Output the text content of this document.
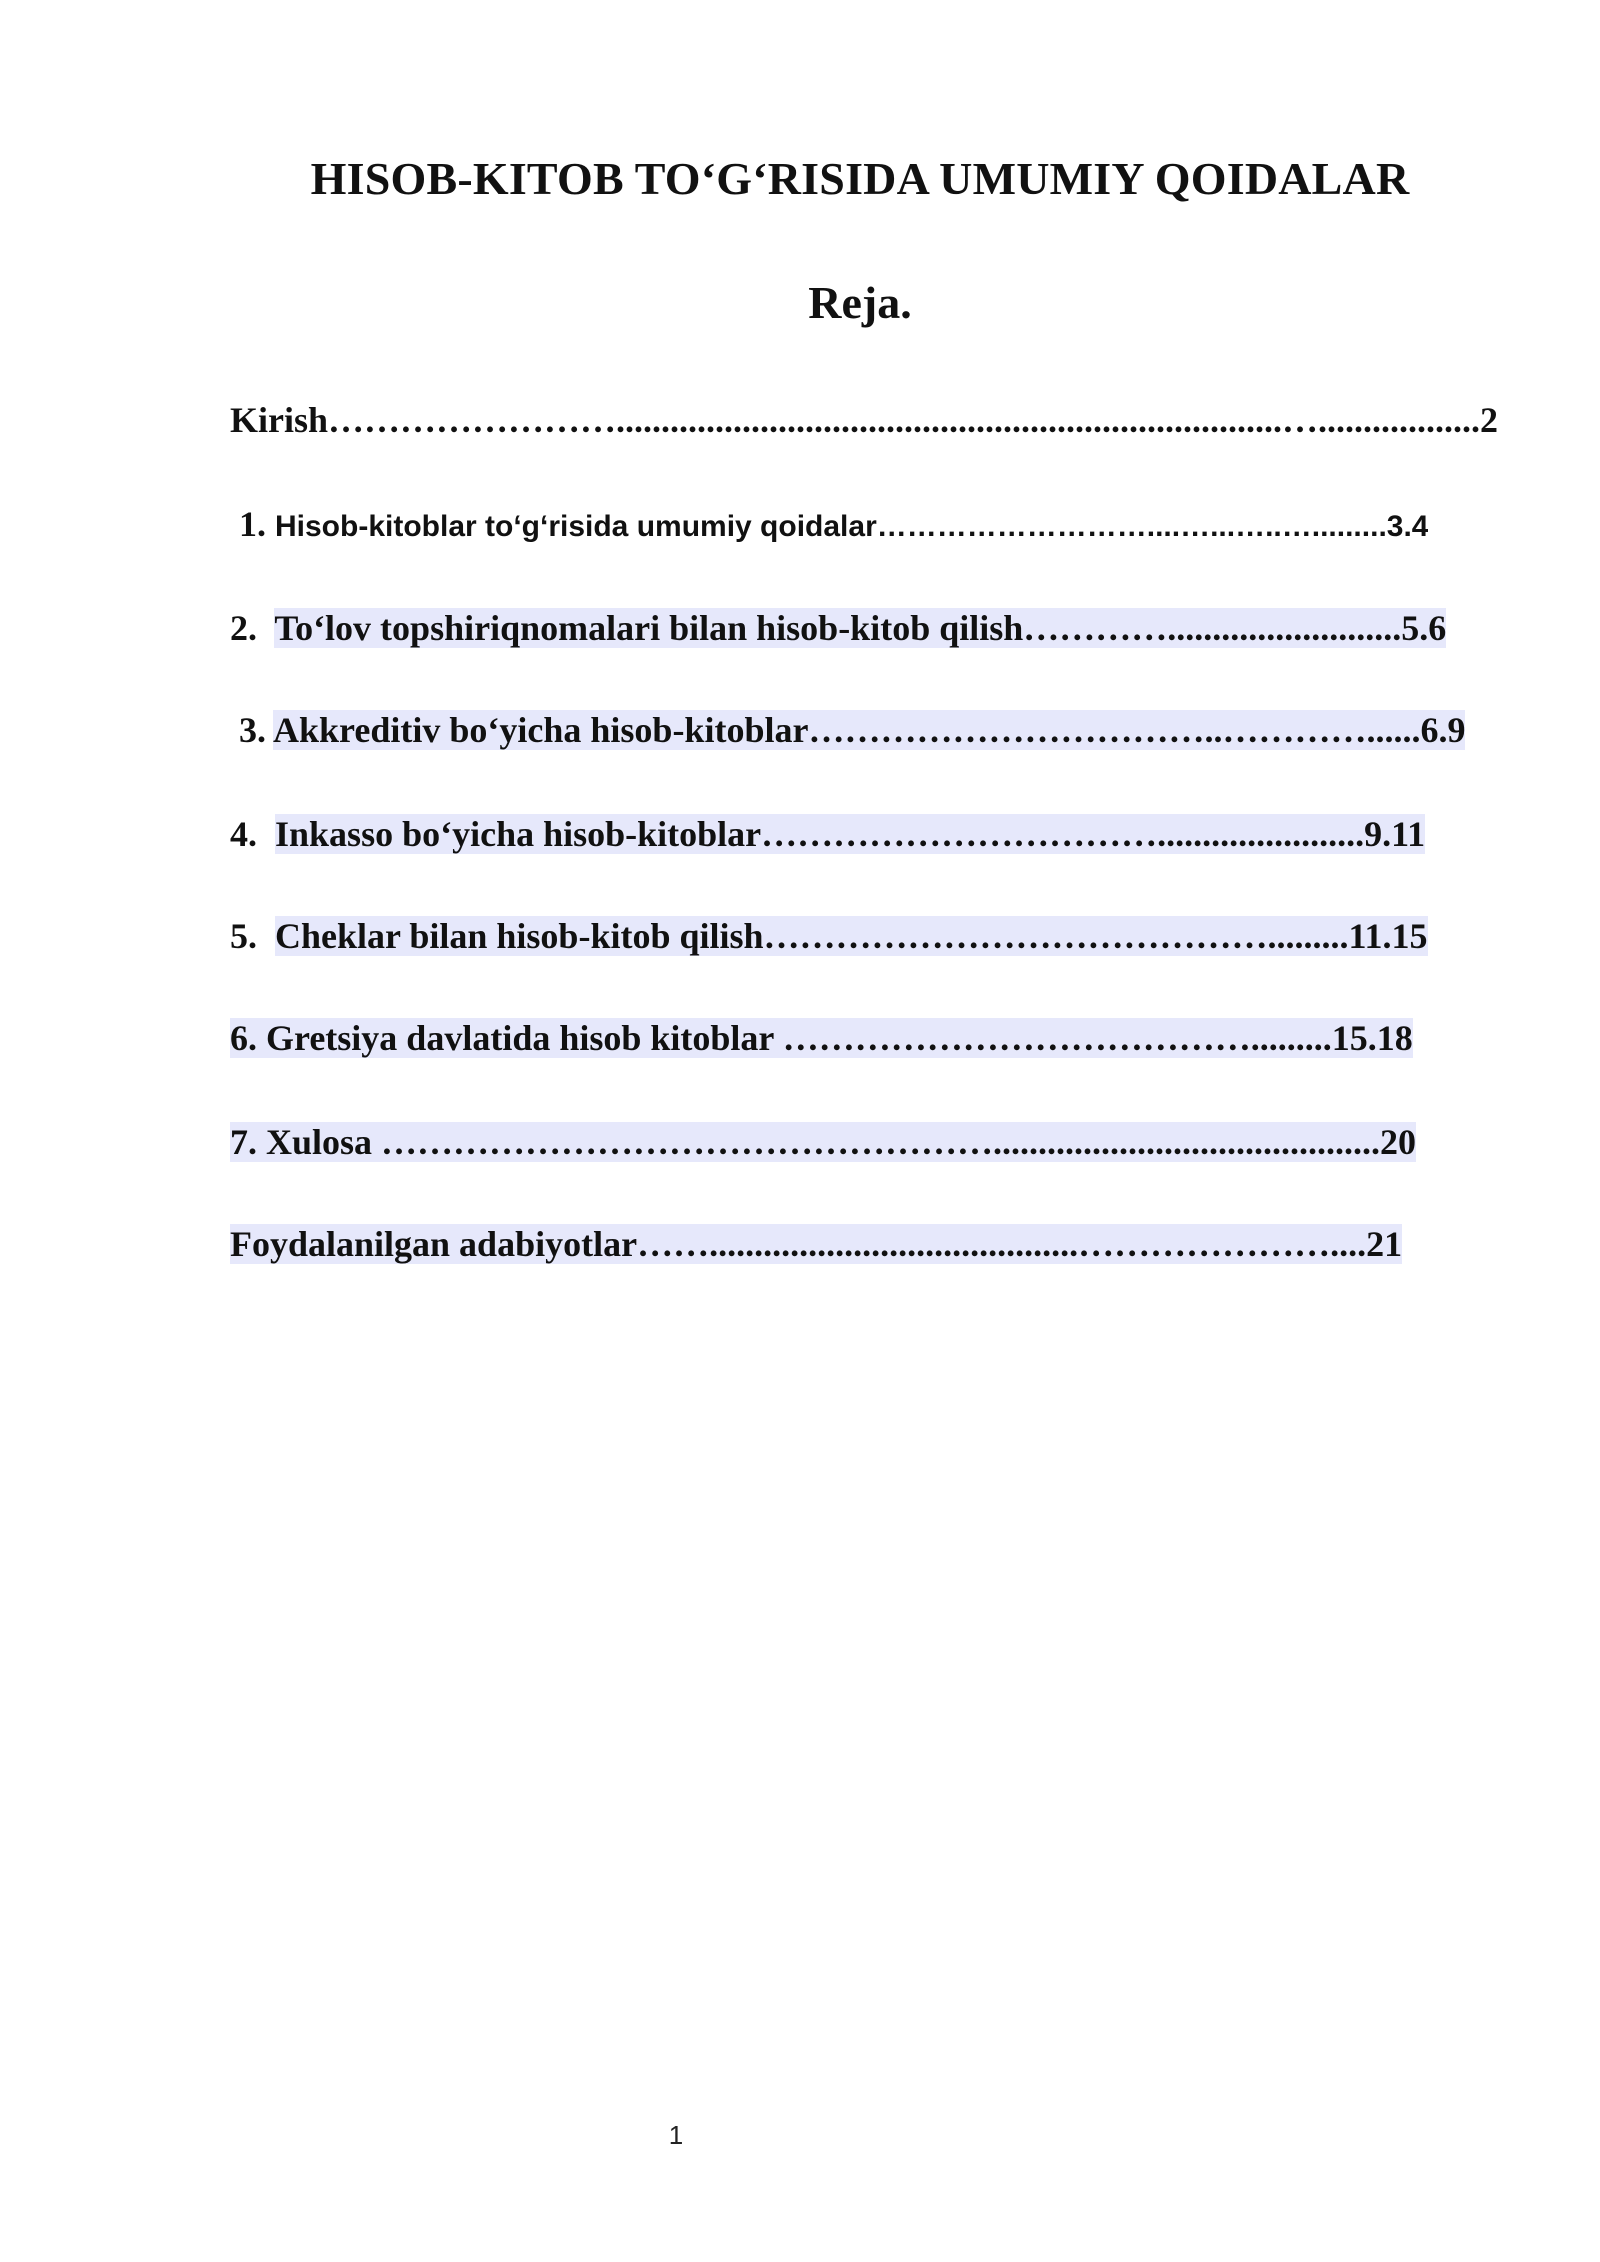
HISOB-KITOB TO‘G‘RISIDA UMUMIY QOIDALAR
Reja.
Kirish……………………..........................................................................…..................2
1. Hisob-kitoblar to‘g‘risida umumiy qoidalar………………………....…...…..….........3.4
2.  To‘lov topshiriqnomalari bilan hisob-kitob qilish…………..........................5.6
3. Akkreditiv bo‘yicha hisob-kitoblar……………………………..…………......6.9
4.  Inkasso bo‘yicha hisob-kitoblar…………………………….......................9.11
5.  Cheklar bilan hisob-kitob qilish…………………………………….........11.15
6. Gretsiya davlatida hisob kitoblar ………………………………….........15.18
7. Xulosa ……………………………………………...........................................20
Foydalanilgan adabiyotlar…….........................................…………………....21
1
